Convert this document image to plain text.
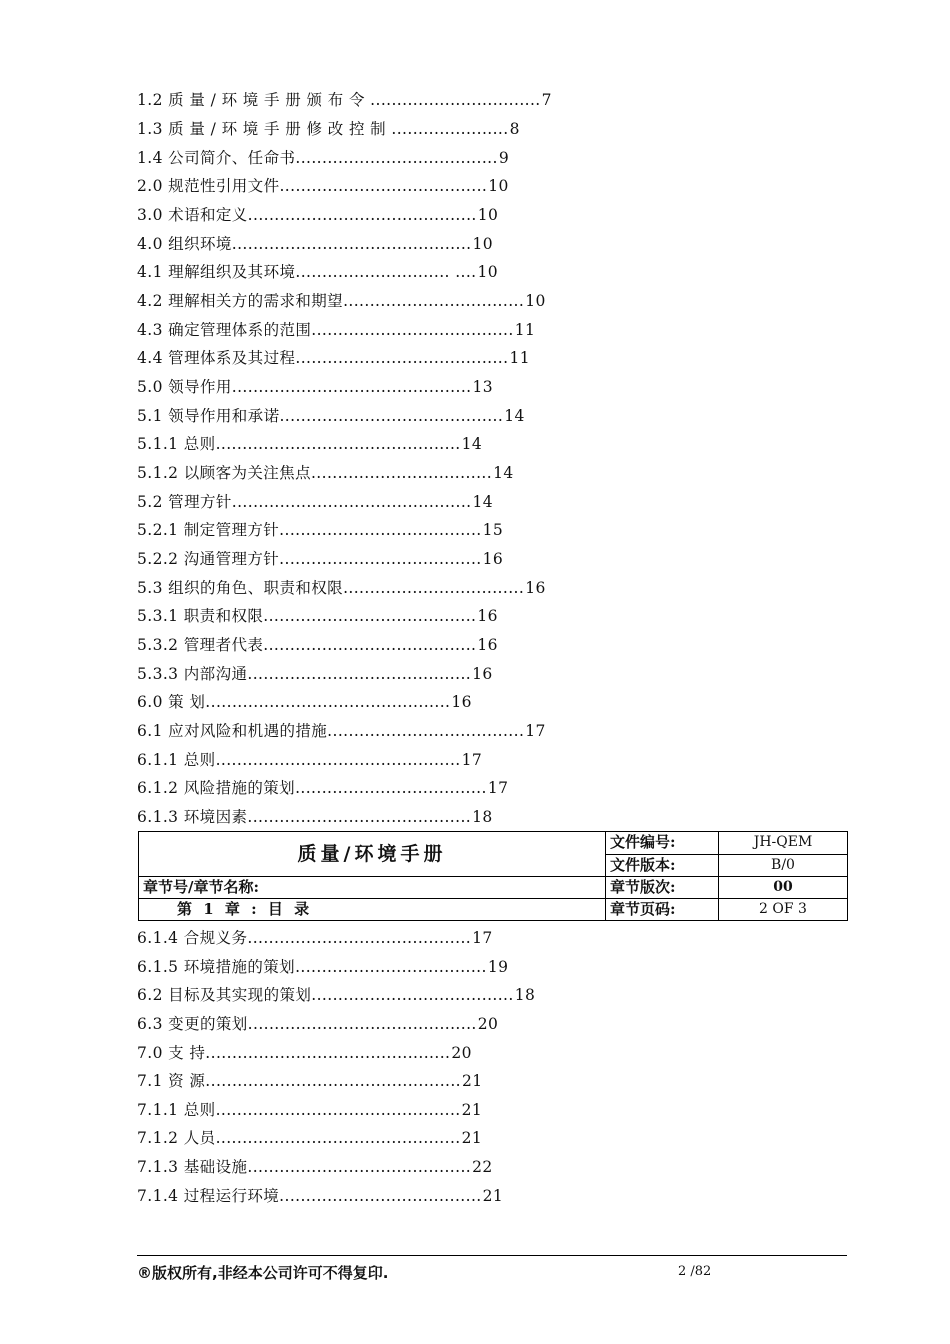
1.2 质 量 / 环 境 手 册 颁 布 令 ................................7
1.3 质 量 / 环 境 手 册 修 改 控 制 ......................8
1.4 公司简介、任命书......................................9
2.0 规范性引用文件.......................................10
3.0 术语和定义...........................................10
4.0 组织环境.............................................10
4.1 理解组织及其环境............................. ....10
4.2 理解相关方的需求和期望..................................10
4.3 确定管理体系的范围......................................11
4.4 管理体系及其过程........................................11
5.0 领导作用.............................................13
5.1 领导作用和承诺..........................................14
5.1.1 总则..............................................14
5.1.2 以顾客为关注焦点..................................14
5.2 管理方针.............................................14
5.2.1 制定管理方针......................................15
5.2.2 沟通管理方针......................................16
5.3 组织的角色、职责和权限..................................16
5.3.1 职责和权限........................................16
5.3.2 管理者代表........................................16
5.3.3 内部沟通..........................................16
6.0 策 划..............................................16
6.1 应对风险和机遇的措施.....................................17
6.1.1 总则..............................................17
6.1.2 风险措施的策划....................................17
6.1.3 环境因素..........................................18
质量/环境手册	文件编号:	JH-QEM
	文件版本:	B/0
章节号/章节名称:	章节版次:	00
第 1 章 : 目 录	章节页码:	2 OF 3
6.1.4 合规义务..........................................17
6.1.5 环境措施的策划....................................19
6.2 目标及其实现的策划......................................18
6.3 变更的策划...........................................20
7.0 支 持..............................................20
7.1 资 源................................................21
7.1.1 总则..............................................21
7.1.2 人员..............................................21
7.1.3 基础设施..........................................22
7.1.4 过程运行环境......................................21
®版权所有,非经本公司许可不得复印.	2 /82
